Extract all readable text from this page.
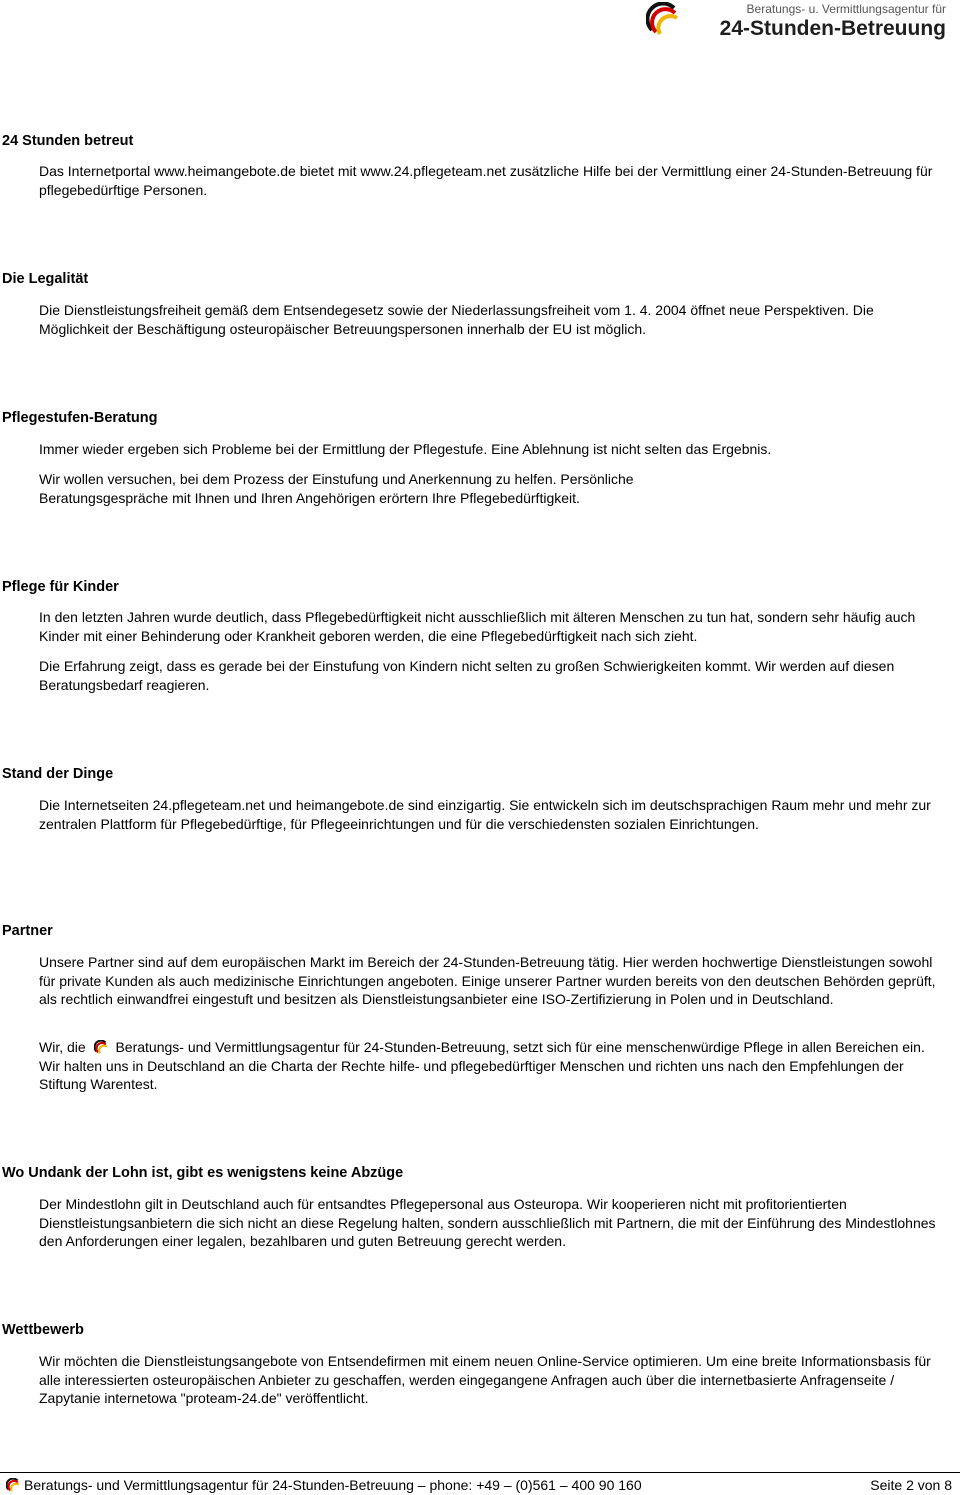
Beratungs- u. Vermittlungsagentur für
24-Stunden-Betreuung
24 Stunden betreut

Das Internetportal www.heimangebote.de bietet mit www.24.pflegeteam.net zusätzliche Hilfe bei der Vermittlung einer 24-Stunden-Betreuung für pflegebedürftige Personen.

Die Legalität

Die Dienstleistungsfreiheit gemäß dem Entsendegesetz sowie der Niederlassungsfreiheit vom 1. 4. 2004 öffnet neue Perspektiven. Die Möglichkeit der Beschäftigung osteuropäischer Betreuungspersonen innerhalb der EU ist möglich.

Pflegestufen-Beratung

Immer wieder ergeben sich Probleme bei der Ermittlung der Pflegestufe. Eine Ablehnung ist nicht selten das Ergebnis.

Wir wollen versuchen, bei dem Prozess der Einstufung und Anerkennung zu helfen. Persönliche Beratungsgespräche mit Ihnen und Ihren Angehörigen erörtern Ihre Pflegebedürftigkeit.

Pflege für Kinder

In den letzten Jahren wurde deutlich, dass Pflegebedürftigkeit nicht ausschließlich mit älteren Menschen zu tun hat, sondern sehr häufig auch Kinder mit einer Behinderung oder Krankheit geboren werden, die eine Pflegebedürftigkeit nach sich zieht.

Die Erfahrung zeigt, dass es gerade bei der Einstufung von Kindern nicht selten zu großen Schwierigkeiten kommt. Wir werden auf diesen Beratungsbedarf reagieren.

Stand der Dinge

Die Internetseiten 24.pflegeteam.net und heimangebote.de sind einzigartig. Sie entwickeln sich im deutschsprachigen Raum mehr und mehr zur zentralen Plattform für Pflegebedürftige, für Pflegeeinrichtungen und für die verschiedensten sozialen Einrichtungen.

Partner

Unsere Partner sind auf dem europäischen Markt im Bereich der 24-Stunden-Betreuung tätig. Hier werden hochwertige Dienstleistungen sowohl für private Kunden als auch medizinische Einrichtungen angeboten. Einige unserer Partner wurden bereits von den deutschen Behörden geprüft, als rechtlich einwandfrei eingestuft und besitzen als Dienstleistungsanbieter eine ISO-Zertifizierung in Polen und in Deutschland.

Wir, die Beratungs- und Vermittlungsagentur für 24-Stunden-Betreuung, setzt sich für eine menschenwürdige Pflege in allen Bereichen ein. Wir halten uns in Deutschland an die Charta der Rechte hilfe- und pflegebedürftiger Menschen und richten uns nach den Empfehlungen der Stiftung Warentest.

Wo Undank der Lohn ist, gibt es wenigstens keine Abzüge

Der Mindestlohn gilt in Deutschland auch für entsandtes Pflegepersonal aus Osteuropa. Wir kooperieren nicht mit profitorientierten Dienstleistungsanbietern die sich nicht an diese Regelung halten, sondern ausschließlich mit Partnern, die mit der Einführung des Mindestlohnes den Anforderungen einer legalen, bezahlbaren und guten Betreuung gerecht werden.

Wettbewerb

Wir möchten die Dienstleistungsangebote von Entsendefirmen mit einem neuen Online-Service optimieren. Um eine breite Informationsbasis für alle interessierten osteuropäischen Anbieter zu geschaffen, werden eingegangene Anfragen auch über die internetbasierte Anfragenseite / Zapytanie internetowa "proteam-24.de" veröffentlicht.

Beratungs- und Vermittlungsagentur für 24-Stunden-Betreuung – phone: +49 – (0)561 – 400 90 160	Seite 2 von 8
